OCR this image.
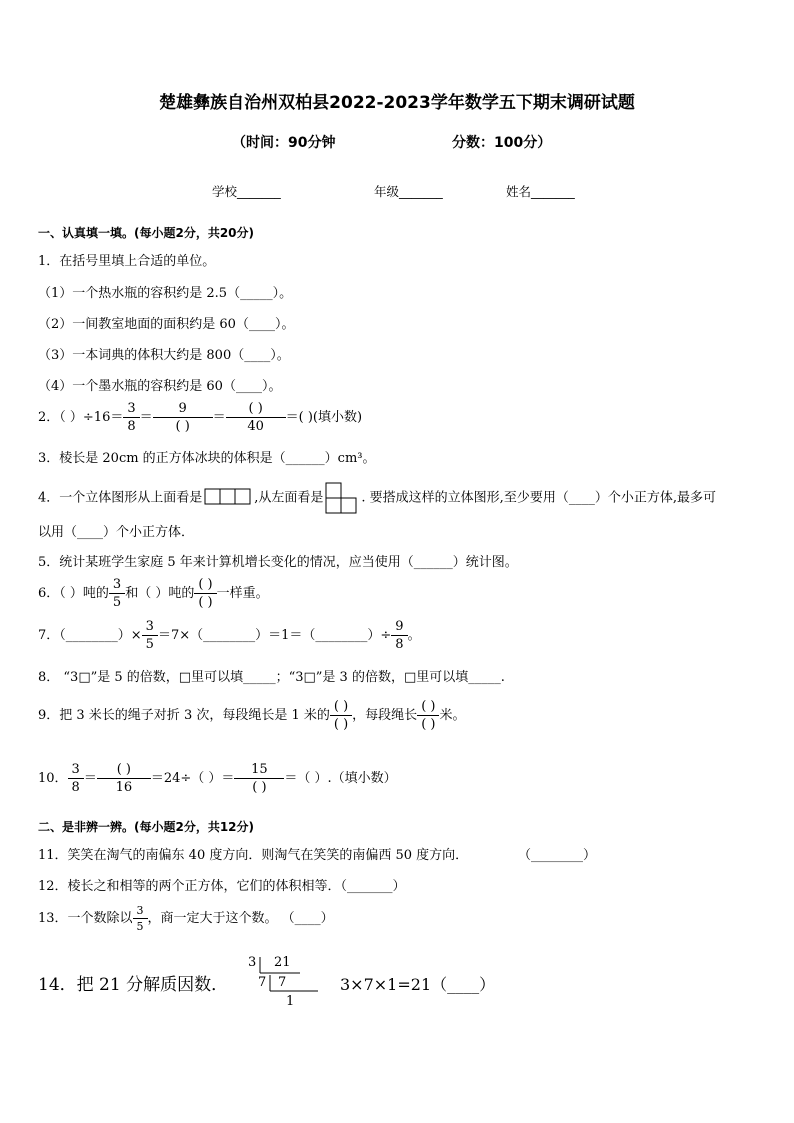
楚雄彝族自治州双柏县2022-2023学年数学五下期末调研试题
（时间：90分钟	分数：100分）
学校_______	年级_______	姓名_______
一、认真填一填。(每小题2分，共20分)
1．在括号里填上合适的单位。
（1）一个热水瓶的容积约是 2.5（_____）。
（2）一间教室地面的面积约是 60（____）。
（3）一本词典的体积大约是 800（____）。
（4）一个墨水瓶的容积约是 60（____）。
2．（ ）$\div 16= \frac{3}{8} = \frac{9}{( )} = \frac{( )}{40}$ ＝( )(填小数)
3．棱长是 20cm 的正方体冰块的体积是（______）cm³。
4．一个立体图形从上面看是	,从左面看是	. 要搭成这样的立体图形,至少要用（____）个小正方体,最多可
以用（____）个小正方体．
5．统计某班学生家庭 5 年来计算机增长变化的情况，应当使用（______）统计图。
6．（ ）吨的 $\frac{3}{5}$ 和（ ）吨的 $\frac{( )}{( )}$ 一样重。
7．（________）× $\frac{3}{5}$ ＝7×（________）＝1＝（________）÷ $\frac{9}{8}$ 。
8． “3□”是 5 的倍数，□里可以填_____；“3□”是 3 的倍数，□里可以填_____.
9．把 3 米长的绳子对折 3 次，每段绳长是 1 米的 $\frac{( )}{( )}$ ，每段绳长 $\frac{( )}{( )}$ 米。
10． $\frac{3}{8} = \frac{( )}{16} =24\div$（ ）＝ $\frac{15}{( )}$ ＝（ ）.（填小数）
二、是非辨一辨。(每小题2分，共12分)
11．笑笑在淘气的南偏东 40 度方向．则淘气在笑笑的南偏西 50 度方向．	（________）
12．棱长之和相等的两个正方体，它们的体积相等．（_______）
13．一个数除以 $\frac{3}{5}$ ，商一定大于这个数。 （____）
14．把 21 分解质因数．
3 21
7 7
1
3×7×1=21（____）
